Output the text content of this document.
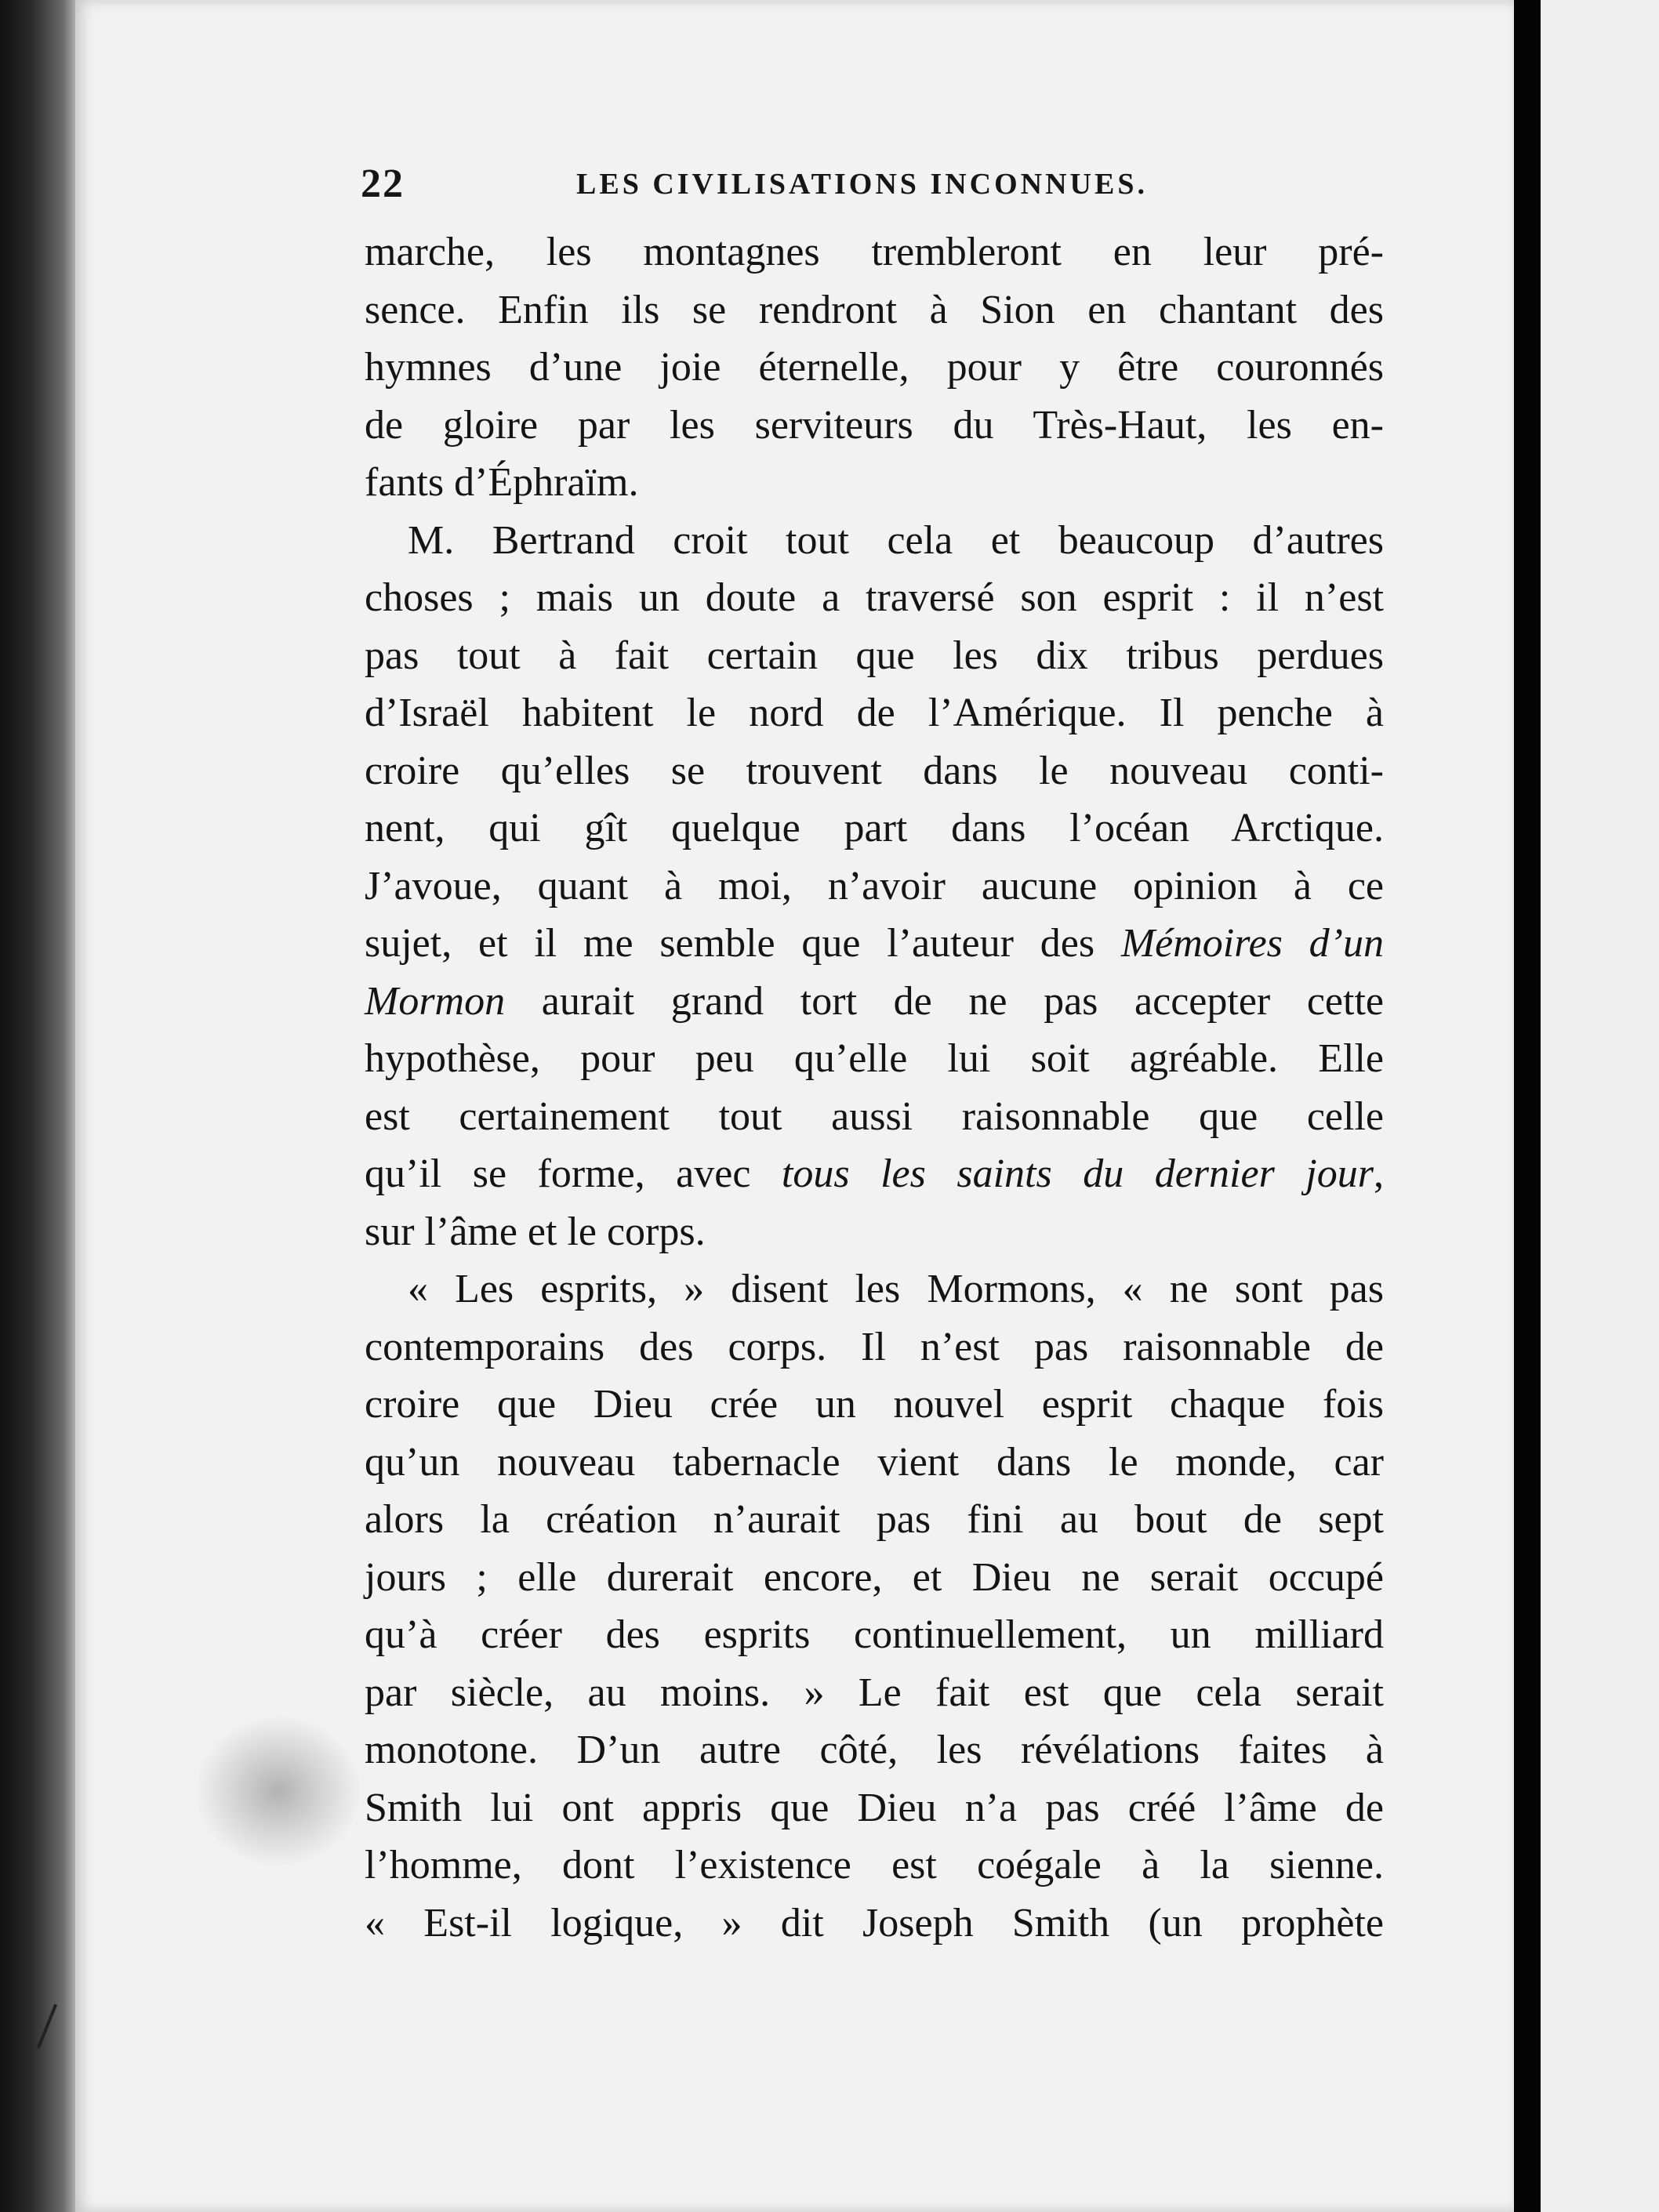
22	LES CIVILISATIONS INCONNUES.
marche, les montagnes trembleront en leur pré-
sence. Enfin ils se rendront à Sion en chantant des
hymnes d’une joie éternelle, pour y être couronnés
de gloire par les serviteurs du Très-Haut, les en-
fants d’Éphraïm.
M. Bertrand croit tout cela et beaucoup d’autres
choses ; mais un doute a traversé son esprit : il n’est
pas tout à fait certain que les dix tribus perdues
d’Israël habitent le nord de l’Amérique. Il penche à
croire qu’elles se trouvent dans le nouveau conti-
nent, qui gît quelque part dans l’océan Arctique.
J’avoue, quant à moi, n’avoir aucune opinion à ce
sujet, et il me semble que l’auteur des Mémoires d’un
Mormon aurait grand tort de ne pas accepter cette
hypothèse, pour peu qu’elle lui soit agréable. Elle
est certainement tout aussi raisonnable que celle
qu’il se forme, avec tous les saints du dernier jour,
sur l’âme et le corps.
« Les esprits, » disent les Mormons, « ne sont pas
contemporains des corps. Il n’est pas raisonnable de
croire que Dieu crée un nouvel esprit chaque fois
qu’un nouveau tabernacle vient dans le monde, car
alors la création n’aurait pas fini au bout de sept
jours ; elle durerait encore, et Dieu ne serait occupé
qu’à créer des esprits continuellement, un milliard
par siècle, au moins. » Le fait est que cela serait
monotone. D’un autre côté, les révélations faites à
Smith lui ont appris que Dieu n’a pas créé l’âme de
l’homme, dont l’existence est coégale à la sienne.
« Est-il logique, » dit Joseph Smith (un prophète
